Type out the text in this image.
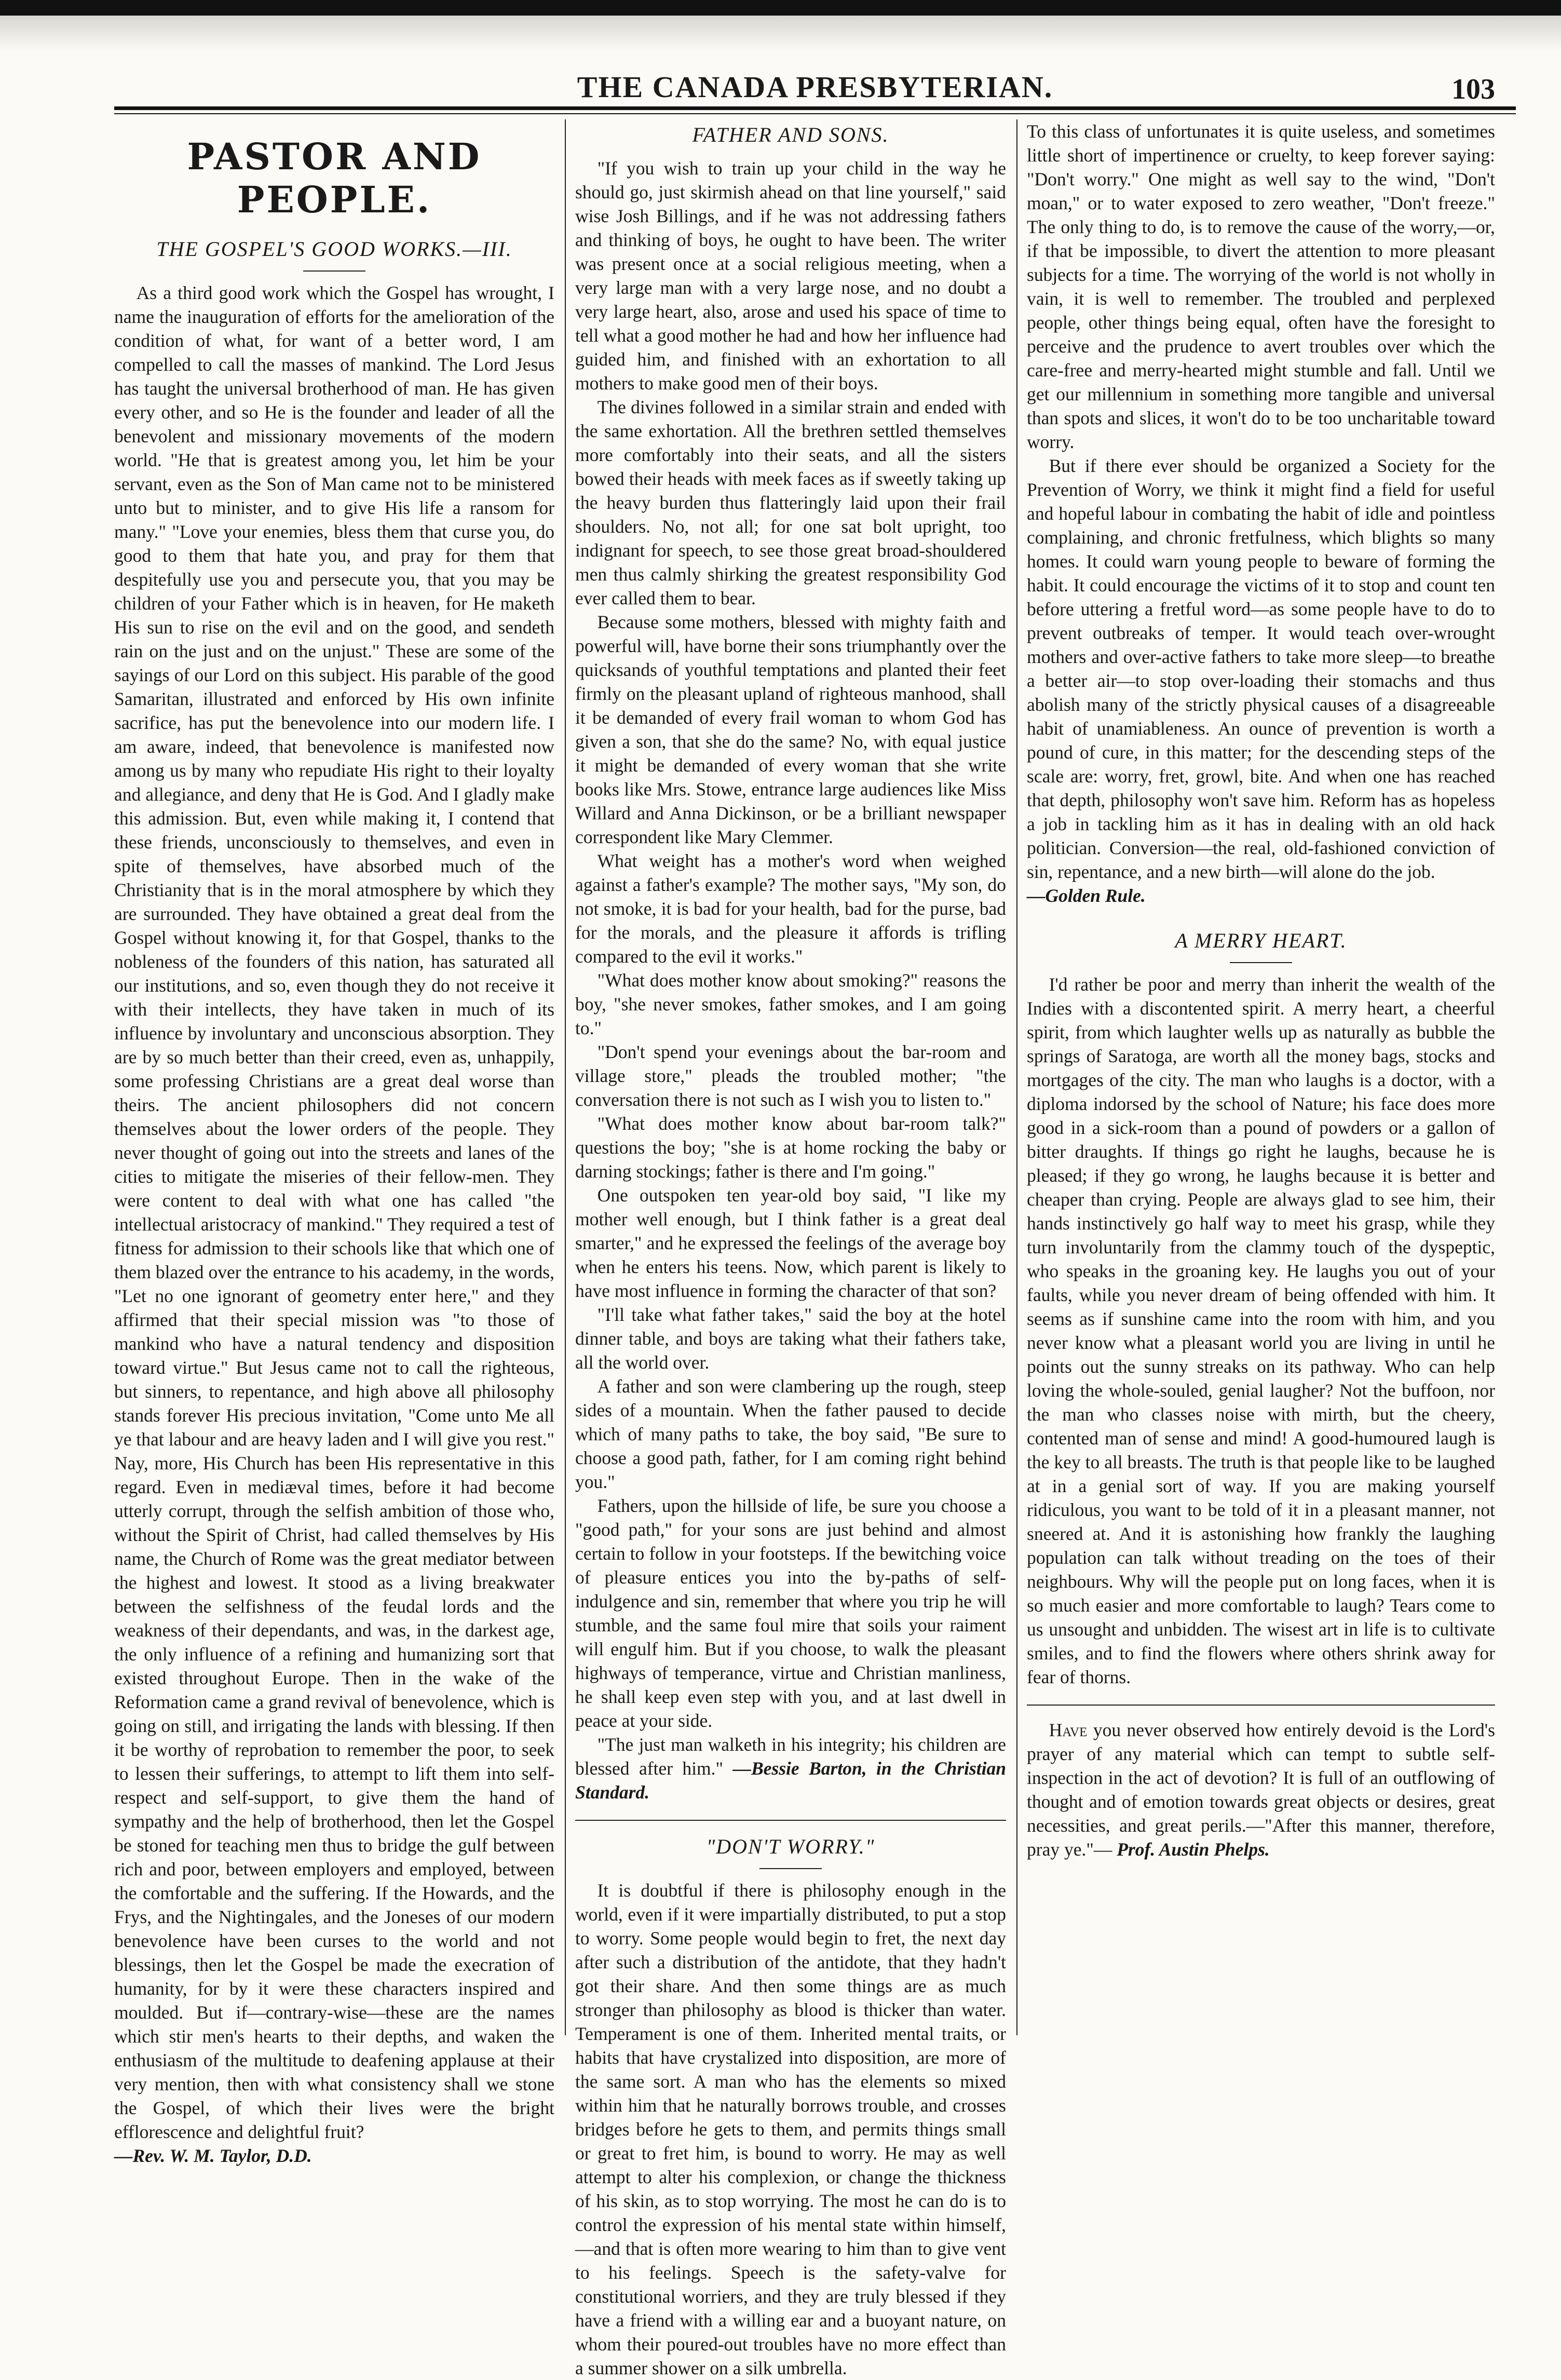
THE CANADA PRESBYTERIAN.	103
PASTOR AND PEOPLE.
THE GOSPEL'S GOOD WORKS.—III.

As a third good work which the Gospel has wrought, I name the inauguration of efforts for the amelioration of the condition of what, for want of a better word, I am compelled to call the masses of mankind. The Lord Jesus has taught the universal brotherhood of man. He has given every other, and so He is the founder and leader of all the benevolent and missionary movements of the modern world. "He that is greatest among you, let him be your servant, even as the Son of Man came not to be ministered unto but to minister, and to give His life a ransom for many." "Love your enemies, bless them that curse you, do good to them that hate you, and pray for them that despitefully use you and persecute you, that you may be children of your Father which is in heaven, for He maketh His sun to rise on the evil and on the good, and sendeth rain on the just and on the unjust." These are some of the sayings of our Lord on this subject. His parable of the good Samaritan, illustrated and enforced by His own infinite sacrifice, has put the benevolence into our modern life. I am aware, indeed, that benevolence is manifested now among us by many who repudiate His right to their loyalty and allegiance, and deny that He is God. And I gladly make this admission. But, even while making it, I contend that these friends, unconsciously to themselves, and even in spite of themselves, have absorbed much of the Christianity that is in the moral atmosphere by which they are surrounded. They have obtained a great deal from the Gospel without knowing it, for that Gospel, thanks to the nobleness of the founders of this nation, has saturated all our institutions, and so, even though they do not receive it with their intellects, they have taken in much of its influence by involuntary and unconscious absorption. They are by so much better than their creed, even as, unhappily, some professing Christians are a great deal worse than theirs. The ancient philosophers did not concern themselves about the lower orders of the people. They never thought of going out into the streets and lanes of the cities to mitigate the miseries of their fellow-men. They were content to deal with what one has called "the intellectual aristocracy of mankind." They required a test of fitness for admission to their schools like that which one of them blazed over the entrance to his academy, in the words, "Let no one ignorant of geometry enter here," and they affirmed that their special mission was "to those of mankind who have a natural tendency and disposition toward virtue." But Jesus came not to call the righteous, but sinners, to repentance, and high above all philosophy stands forever His precious invitation, "Come unto Me all ye that labour and are heavy laden and I will give you rest." Nay, more, His Church has been His representative in this regard. Even in mediæval times, before it had become utterly corrupt, through the selfish ambition of those who, without the Spirit of Christ, had called themselves by His name, the Church of Rome was the great mediator between the highest and lowest. It stood as a living breakwater between the selfishness of the feudal lords and the weakness of their dependants, and was, in the darkest age, the only influence of a refining and humanizing sort that existed throughout Europe. Then in the wake of the Reformation came a grand revival of benevolence, which is going on still, and irrigating the lands with blessing. If then it be worthy of reprobation to remember the poor, to seek to lessen their sufferings, to attempt to lift them into self-respect and self-support, to give them the hand of sympathy and the help of brotherhood, then let the Gospel be stoned for teaching men thus to bridge the gulf between rich and poor, between employers and employed, between the comfortable and the suffering. If the Howards, and the Frys, and the Nightingales, and the Joneses of our modern benevolence have been curses to the world and not blessings, then let the Gospel be made the execration of humanity, for by it were these characters inspired and moulded. But if—contrary-wise—these are the names which stir men's hearts to their depths, and waken the enthusiasm of the multitude to deafening applause at their very mention, then with what consistency shall we stone the Gospel, of which their lives were the bright efflorescence and delightful fruit?

—Rev. W. M. Taylor, D.D.

FATHER AND SONS.

"If you wish to train up your child in the way he should go, just skirmish ahead on that line yourself," said wise Josh Billings, and if he was not addressing fathers and thinking of boys, he ought to have been. The writer was present once at a social religious meeting, when a very large man with a very large nose, and no doubt a very large heart, also, arose and used his space of time to tell what a good mother he had and how her influence had guided him, and finished with an exhortation to all mothers to make good men of their boys.

The divines followed in a similar strain and ended with the same exhortation. All the brethren settled themselves more comfortably into their seats, and all the sisters bowed their heads with meek faces as if sweetly taking up the heavy burden thus flatteringly laid upon their frail shoulders. No, not all; for one sat bolt upright, too indignant for speech, to see those great broad-shouldered men thus calmly shirking the greatest responsibility God ever called them to bear.

Because some mothers, blessed with mighty faith and powerful will, have borne their sons triumphantly over the quicksands of youthful temptations and planted their feet firmly on the pleasant upland of righteous manhood, shall it be demanded of every frail woman to whom God has given a son, that she do the same? No, with equal justice it might be demanded of every woman that she write books like Mrs. Stowe, entrance large audiences like Miss Willard and Anna Dickinson, or be a brilliant newspaper correspondent like Mary Clemmer.

What weight has a mother's word when weighed against a father's example? The mother says, "My son, do not smoke, it is bad for your health, bad for the purse, bad for the morals, and the pleasure it affords is trifling compared to the evil it works."

"What does mother know about smoking?" reasons the boy, "she never smokes, father smokes, and I am going to."

"Don't spend your evenings about the bar-room and village store," pleads the troubled mother; "the conversation there is not such as I wish you to listen to."

"What does mother know about bar-room talk?" questions the boy; "she is at home rocking the baby or darning stockings; father is there and I'm going."

One outspoken ten year-old boy said, "I like my mother well enough, but I think father is a great deal smarter," and he expressed the feelings of the average boy when he enters his teens. Now, which parent is likely to have most influence in forming the character of that son?

"I'll take what father takes," said the boy at the hotel dinner table, and boys are taking what their fathers take, all the world over.

A father and son were clambering up the rough, steep sides of a mountain. When the father paused to decide which of many paths to take, the boy said, "Be sure to choose a good path, father, for I am coming right behind you."

Fathers, upon the hillside of life, be sure you choose a "good path," for your sons are just behind and almost certain to follow in your footsteps. If the bewitching voice of pleasure entices you into the by-paths of self-indulgence and sin, remember that where you trip he will stumble, and the same foul mire that soils your raiment will engulf him. But if you choose, to walk the pleasant highways of temperance, virtue and Christian manliness, he shall keep even step with you, and at last dwell in peace at your side.

"The just man walketh in his integrity; his children are blessed after him." —Bessie Barton, in the Christian Standard.

"DON'T WORRY."

It is doubtful if there is philosophy enough in the world, even if it were impartially distributed, to put a stop to worry. Some people would begin to fret, the next day after such a distribution of the antidote, that they hadn't got their share. And then some things are as much stronger than philosophy as blood is thicker than water. Temperament is one of them. Inherited mental traits, or habits that have crystalized into disposition, are more of the same sort. A man who has the elements so mixed within him that he naturally borrows trouble, and crosses bridges before he gets to them, and permits things small or great to fret him, is bound to worry. He may as well attempt to alter his complexion, or change the thickness of his skin, as to stop worrying. The most he can do is to control the expression of his mental state within himself,—and that is often more wearing to him than to give vent to his feelings. Speech is the safety-valve for constitutional worriers, and they are truly blessed if they have a friend with a willing ear and a buoyant nature, on whom their poured-out troubles have no more effect than a summer shower on a silk umbrella.

To this class of unfortunates it is quite useless, and sometimes little short of impertinence or cruelty, to keep forever saying: "Don't worry." One might as well say to the wind, "Don't moan," or to water exposed to zero weather, "Don't freeze." The only thing to do, is to remove the cause of the worry,—or, if that be impossible, to divert the attention to more pleasant subjects for a time. The worrying of the world is not wholly in vain, it is well to remember. The troubled and perplexed people, other things being equal, often have the foresight to perceive and the prudence to avert troubles over which the care-free and merry-hearted might stumble and fall. Until we get our millennium in something more tangible and universal than spots and slices, it won't do to be too uncharitable toward worry.

But if there ever should be organized a Society for the Prevention of Worry, we think it might find a field for useful and hopeful labour in combating the habit of idle and pointless complaining, and chronic fretfulness, which blights so many homes. It could warn young people to beware of forming the habit. It could encourage the victims of it to stop and count ten before uttering a fretful word—as some people have to do to prevent outbreaks of temper. It would teach over-wrought mothers and over-active fathers to take more sleep—to breathe a better air—to stop over-loading their stomachs and thus abolish many of the strictly physical causes of a disagreeable habit of unamiableness. An ounce of prevention is worth a pound of cure, in this matter; for the descending steps of the scale are: worry, fret, growl, bite. And when one has reached that depth, philosophy won't save him. Reform has as hopeless a job in tackling him as it has in dealing with an old hack politician. Conversion—the real, old-fashioned conviction of sin, repentance, and a new birth—will alone do the job.

—Golden Rule.

A MERRY HEART.

I'd rather be poor and merry than inherit the wealth of the Indies with a discontented spirit. A merry heart, a cheerful spirit, from which laughter wells up as naturally as bubble the springs of Saratoga, are worth all the money bags, stocks and mortgages of the city. The man who laughs is a doctor, with a diploma indorsed by the school of Nature; his face does more good in a sick-room than a pound of powders or a gallon of bitter draughts. If things go right he laughs, because he is pleased; if they go wrong, he laughs because it is better and cheaper than crying. People are always glad to see him, their hands instinctively go half way to meet his grasp, while they turn involuntarily from the clammy touch of the dyspeptic, who speaks in the groaning key. He laughs you out of your faults, while you never dream of being offended with him. It seems as if sunshine came into the room with him, and you never know what a pleasant world you are living in until he points out the sunny streaks on its pathway. Who can help loving the whole-souled, genial laugher? Not the buffoon, nor the man who classes noise with mirth, but the cheery, contented man of sense and mind! A good-humoured laugh is the key to all breasts. The truth is that people like to be laughed at in a genial sort of way. If you are making yourself ridiculous, you want to be told of it in a pleasant manner, not sneered at. And it is astonishing how frankly the laughing population can talk without treading on the toes of their neighbours. Why will the people put on long faces, when it is so much easier and more comfortable to laugh? Tears come to us unsought and unbidden. The wisest art in life is to cultivate smiles, and to find the flowers where others shrink away for fear of thorns.

Have you never observed how entirely devoid is the Lord's prayer of any material which can tempt to subtle self-inspection in the act of devotion? It is full of an outflowing of thought and of emotion towards great objects or desires, great necessities, and great perils.—"After this manner, therefore, pray ye."— Prof. Austin Phelps.
